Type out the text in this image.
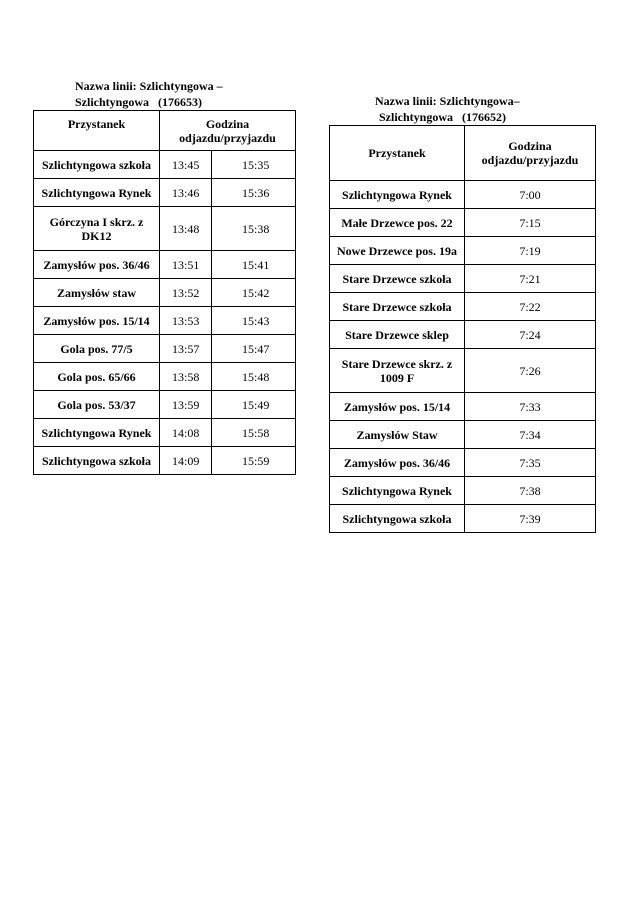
Nazwa linii: Szlichtyngowa –
Szlichtyngowa   (176653)
Przystanek	Godzina odjazdu/przyjazdu	
Szlichtyngowa szkoła	13:45	15:35
Szlichtyngowa Rynek	13:46	15:36
Górczyna I skrz. z DK12	13:48	15:38
Zamysłów pos. 36/46	13:51	15:41
Zamysłów staw	13:52	15:42
Zamysłów pos. 15/14	13:53	15:43
Gola pos. 77/5	13:57	15:47
Gola pos. 65/66	13:58	15:48
Gola pos. 53/37	13:59	15:49
Szlichtyngowa Rynek	14:08	15:58
Szlichtyngowa szkoła	14:09	15:59
Nazwa linii: Szlichtyngowa–
Szlichtyngowa   (176652)
Przystanek	Godzina odjazdu/przyjazdu
Szlichtyngowa Rynek	7:00
Małe Drzewce pos. 22	7:15
Nowe Drzewce pos. 19a	7:19
Stare Drzewce szkoła	7:21
Stare Drzewce szkoła	7:22
Stare Drzewce sklep	7:24
Stare Drzewce skrz. z 1009 F	7:26
Zamysłów pos. 15/14	7:33
Zamysłów Staw	7:34
Zamysłów pos. 36/46	7:35
Szlichtyngowa Rynek	7:38
Szlichtyngowa szkoła	7:39
